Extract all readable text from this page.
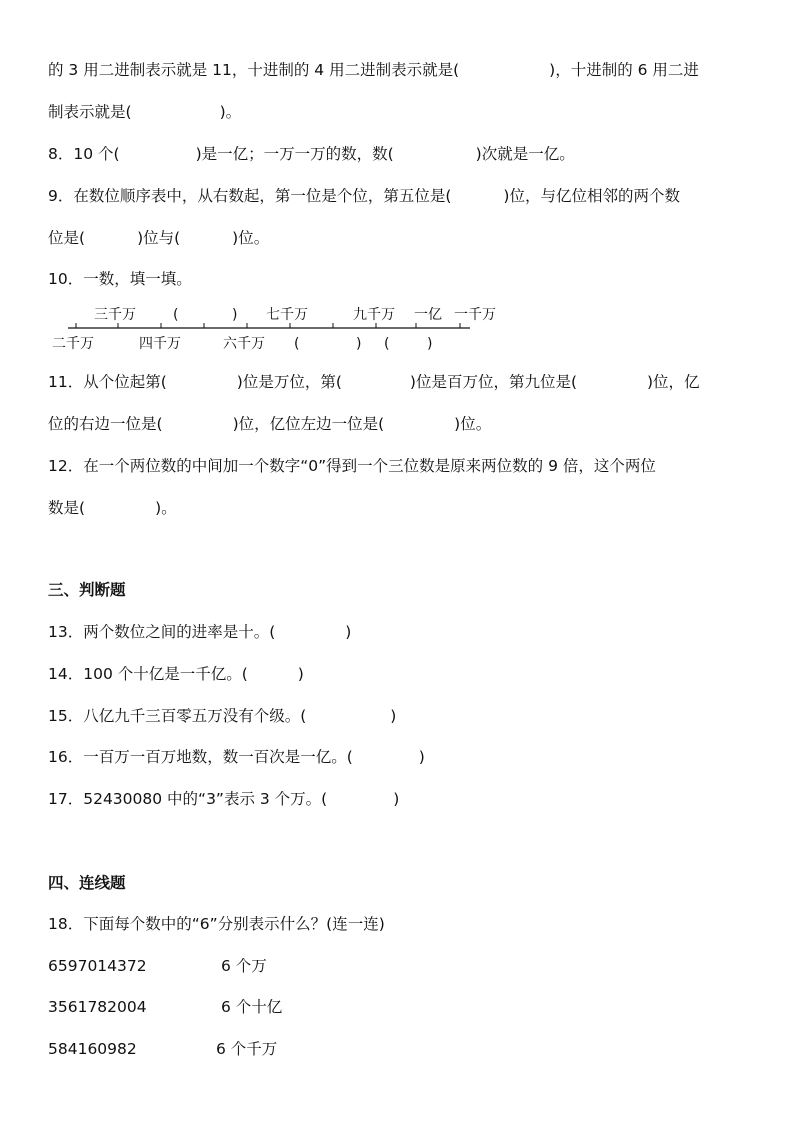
的 3 用二进制表示就是 11，十进制的 4 用二进制表示就是(	)，十进制的 6 用二进
制表示就是(	)。
8．10 个(	)是一亿；一万一万的数，数(	)次就是一亿。
9．在数位顺序表中，从右数起，第一位是个位，第五位是(	)位，与亿位相邻的两个数
位是(	)位与(	)位。
10．一数，填一填。
三千万	(	) 七千万	九千万 一亿 一千万
二千万	四千万	六千万 (	) (	)
11．从个位起第(	)位是万位，第(	)位是百万位，第九位是(	)位，亿
位的右边一位是(	)位，亿位左边一位是(	)位。
12．在一个两位数的中间加一个数字“0”得到一个三位数是原来两位数的 9 倍，这个两位
数是(	)。
三、判断题
13．两个数位之间的进率是十。(	)
14．100 个十亿是一千亿。(	)
15．八亿九千三百零五万没有个级。(	)
16．一百万一百万地数，数一百次是一亿。(	)
17．52430080 中的“3”表示 3 个万。(	)
四、连线题
18．下面每个数中的“6”分别表示什么？(连一连)
6597014372	6 个万
3561782004	6 个十亿
584160982	6 个千万
